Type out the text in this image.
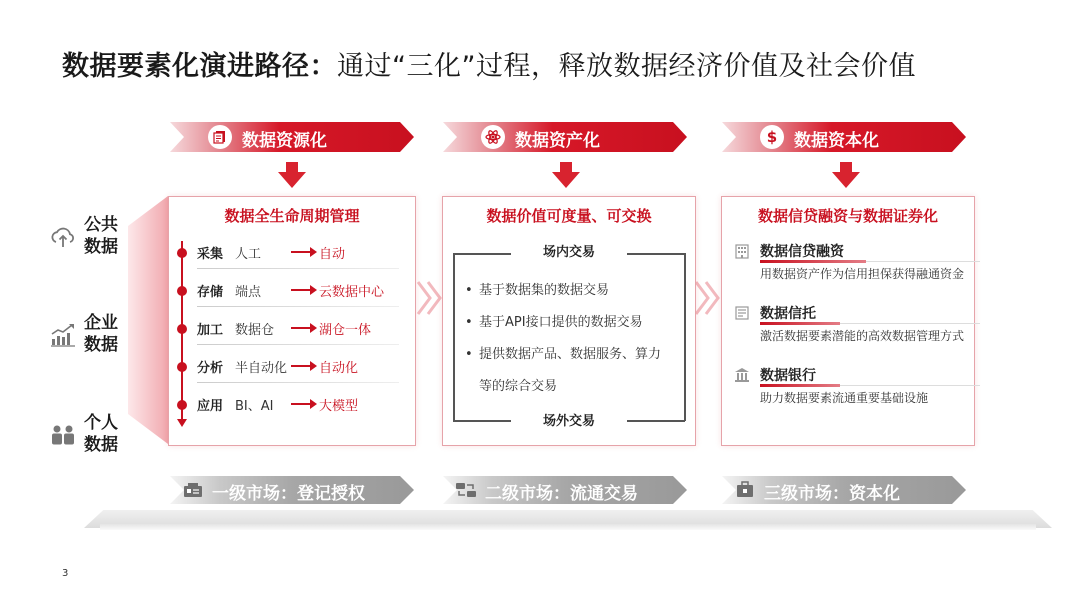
数据要素化演进路径：通过“三化”过程，释放数据经济价值及社会价值
数据资源化	数据资产化	$ 数据资本化
公共数据
企业数据
个人数据
数据全生命周期管理
采集 人工	自动
存储 端点	云数据中心
加工 数据仓	湖仓一体
分析 半自动化 自动化
应用 BI、AI	大模型
数据价值可度量、可交换
场内交易
• 基于数据集的数据交易
• 基于API接口提供的数据交易
• 提供数据产品、数据服务、算力
等的综合交易
场外交易
数据信贷融资与数据证券化
数据信贷融资
用数据资产作为信用担保获得融通资金
数据信托
激活数据要素潜能的高效数据管理方式
数据银行
助力数据要素流通重要基础设施
一级市场：登记授权	二级市场：流通交易	三级市场：资本化
3
